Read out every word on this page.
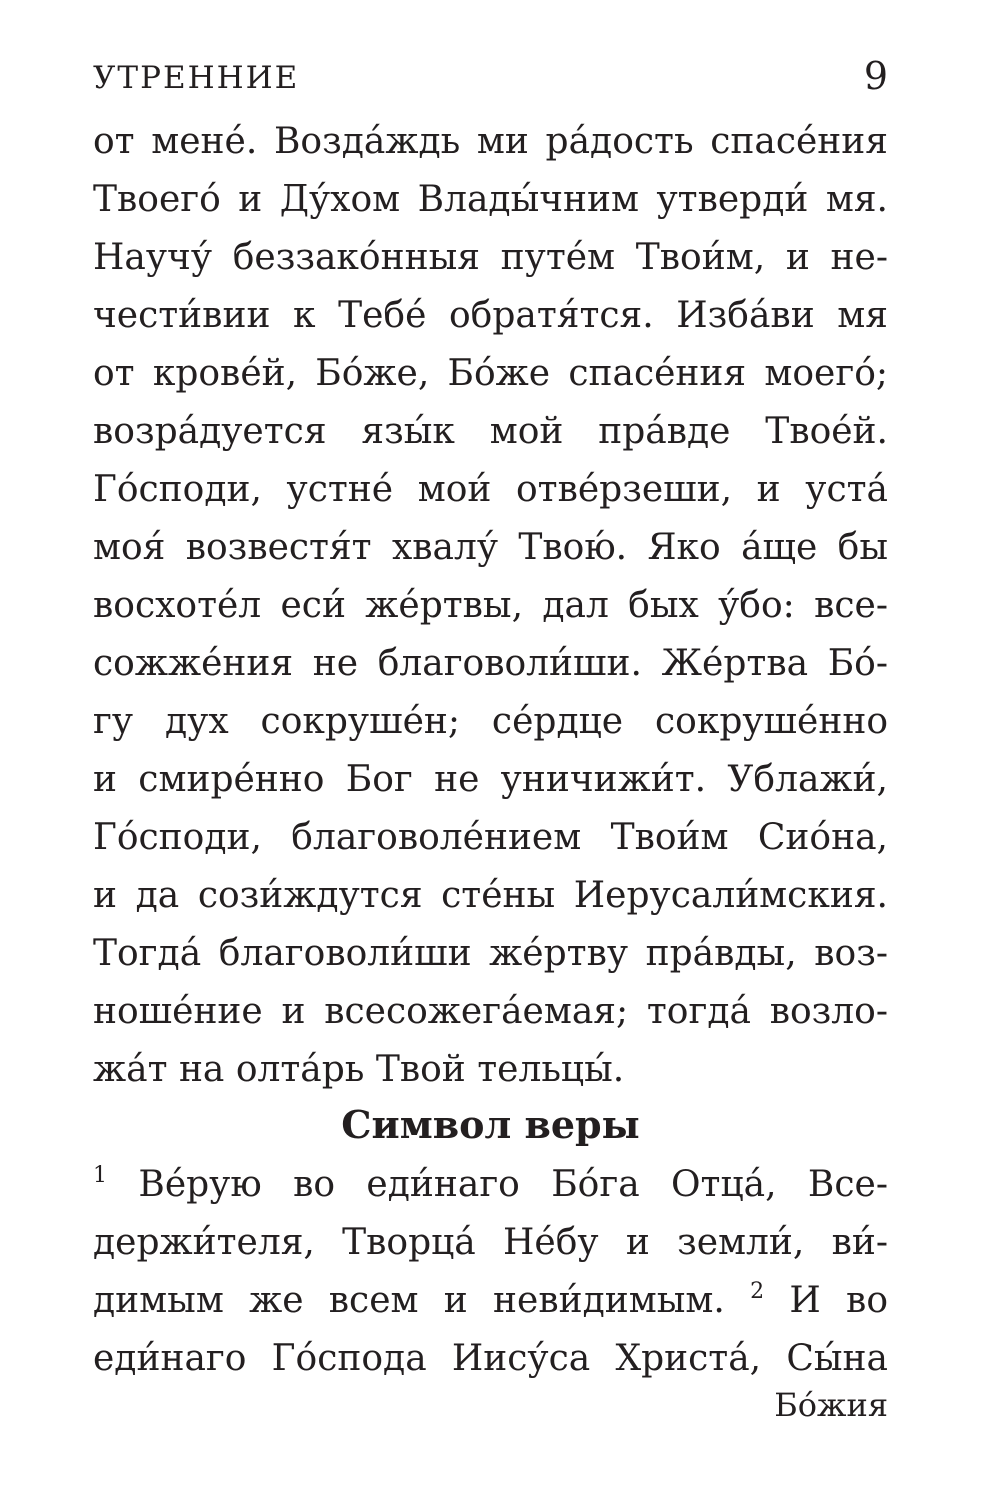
УТРЕННИЕ	9
от мене́. Возда́ждь ми ра́дость спасе́ния
Твоего́ и Ду́хом Влады́чним утверди́ мя.
Научу́ беззако́нныя путе́м Твои́м, и не-
чести́вии к Тебе́ обратя́тся. Изба́ви мя
от крове́й, Бо́же, Бо́же спасе́ния моего́;
возра́дуется язы́к мой пра́вде Твое́й.
Го́споди, устне́ мои́ отве́рзеши, и уста́
моя́ возвестя́т хвалу́ Твою́. Яко а́ще бы
восхоте́л еси́ же́ртвы, дал бых у́бо: все-
сожже́ния не благоволи́ши. Же́ртва Бо́-
гу дух сокруше́н; се́рдце сокруше́нно
и смире́нно Бог не уничижи́т. Ублажи́,
Го́споди, благоволе́нием Твои́м Сио́на,
и да сози́ждутся сте́ны Иерусали́мския.
Тогда́ благоволи́ши же́ртву пра́вды, воз-
ноше́ние и всесожега́емая; тогда́ возло-
жа́т на олта́рь Твой тельцы́.
Символ веры
$^1$ Ве́рую во еди́наго Бо́га Отца́, Все-
держи́теля, Творца́ Не́бу и земли́, ви́-
димым же всем и неви́димым. $^2$ И во
еди́наго Го́спода Иису́са Христа́, Сы́на
Бо́жия
